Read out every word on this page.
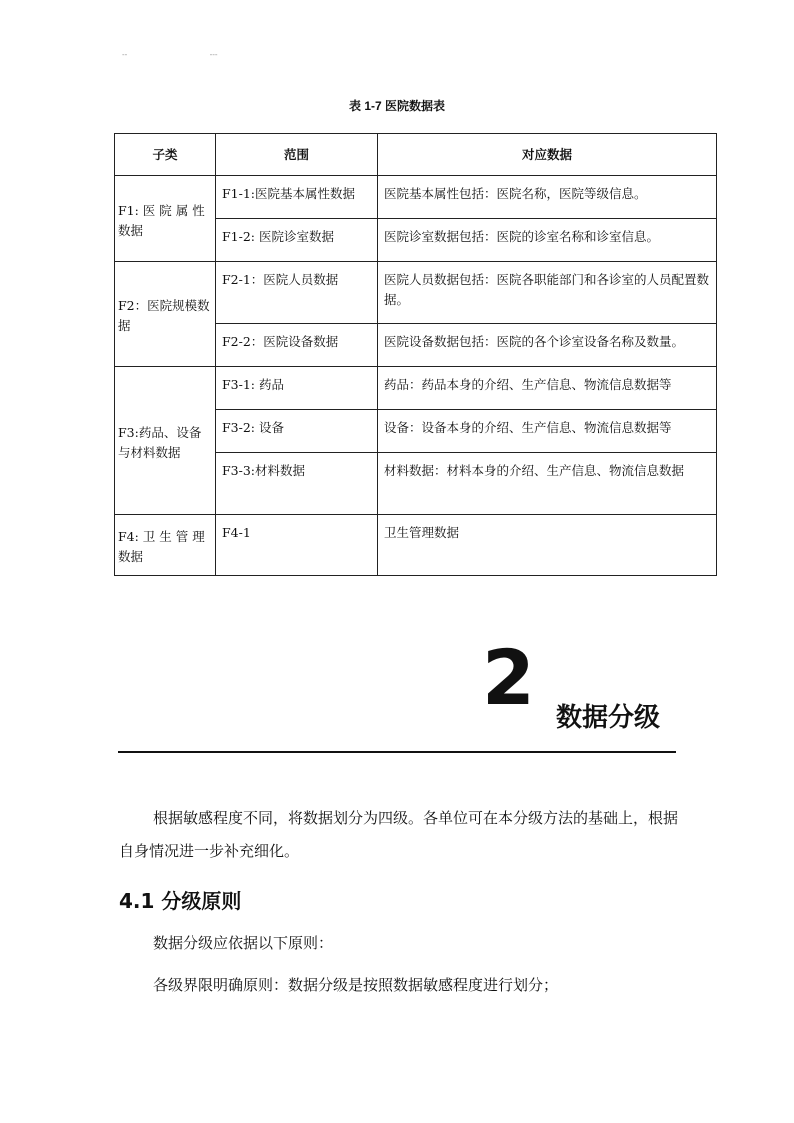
--	---
表 1-7 医院数据表
子类	范围	对应数据
F1: 医 院 属 性 数据	F1-1:医院基本属性数据	医院基本属性包括：医院名称，医院等级信息。
	F1-2: 医院诊室数据	医院诊室数据包括：医院的诊室名称和诊室信息。
F2：医院规模数据	F2-1：医院人员数据	医院人员数据包括：医院各职能部门和各诊室的人员配置数据。
	F2-2：医院设备数据	医院设备数据包括：医院的各个诊室设备名称及数量。
F3:药品、设备与材料数据	F3-1: 药品	药品：药品本身的介绍、生产信息、物流信息数据等
	F3-2: 设备	设备：设备本身的介绍、生产信息、物流信息数据等
	F3-3:材料数据	材料数据：材料本身的介绍、生产信息、物流信息数据
F4: 卫 生 管 理 数据	F4-1	卫生管理数据
2 数据分级
根据敏感程度不同，将数据划分为四级。各单位可在本分级方法的基础上，根据自身情况进一步补充细化。
4.1 分级原则
数据分级应依据以下原则：
各级界限明确原则：数据分级是按照数据敏感程度进行划分；
